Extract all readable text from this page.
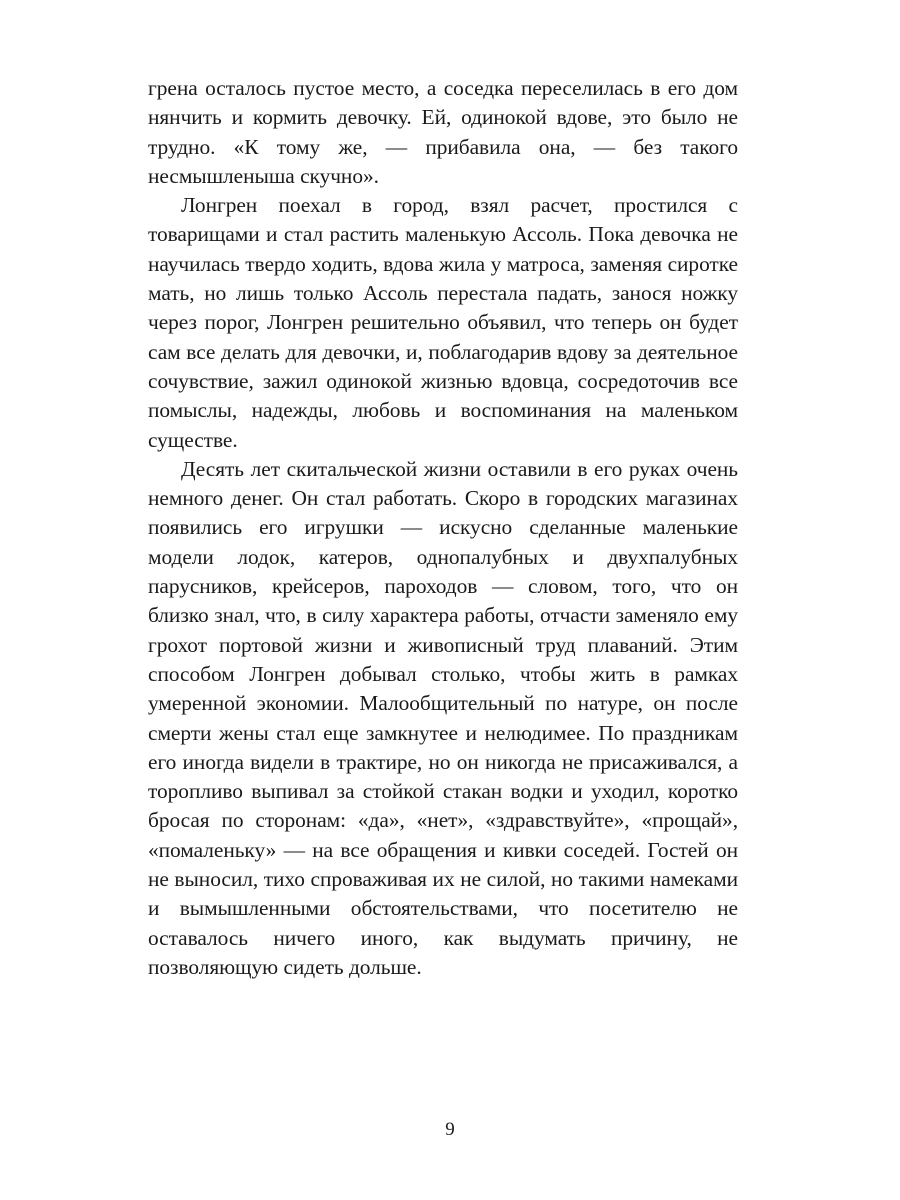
грена осталось пустое место, а соседка переселилась в его дом нянчить и кормить девочку. Ей, одинокой вдове, это было не трудно. «К тому же, — прибавила она, — без такого несмышленыша скучно».

Лонгрен поехал в город, взял расчет, простился с товарищами и стал растить маленькую Ассоль. Пока девочка не научилась твердо ходить, вдова жила у матроса, заменяя сиротке мать, но лишь только Ассоль перестала падать, занося ножку через порог, Лонгрен решительно объявил, что теперь он будет сам все делать для девочки, и, поблагодарив вдову за деятельное сочувствие, зажил одинокой жизнью вдовца, сосредоточив все помыслы, надежды, любовь и воспоминания на маленьком существе.

Десять лет скитальческой жизни оставили в его руках очень немного денег. Он стал работать. Скоро в городских магазинах появились его игрушки — искусно сделанные маленькие модели лодок, катеров, однопалубных и двухпалубных парусников, крейсеров, пароходов — словом, того, что он близко знал, что, в силу характера работы, отчасти заменяло ему грохот портовой жизни и живописный труд плаваний. Этим способом Лонгрен добывал столько, чтобы жить в рамках умеренной экономии. Малообщительный по натуре, он после смерти жены стал еще замкнутее и нелюдимее. По праздникам его иногда видели в трактире, но он никогда не присаживался, а торопливо выпивал за стойкой стакан водки и уходил, коротко бросая по сторонам: «да», «нет», «здравствуйте», «прощай», «помаленьку» — на все обращения и кивки соседей. Гостей он не выносил, тихо спроваживая их не силой, но такими намеками и вымышленными обстоятельствами, что посетителю не оставалось ничего иного, как выдумать причину, не позволяющую сидеть дольше.

9
